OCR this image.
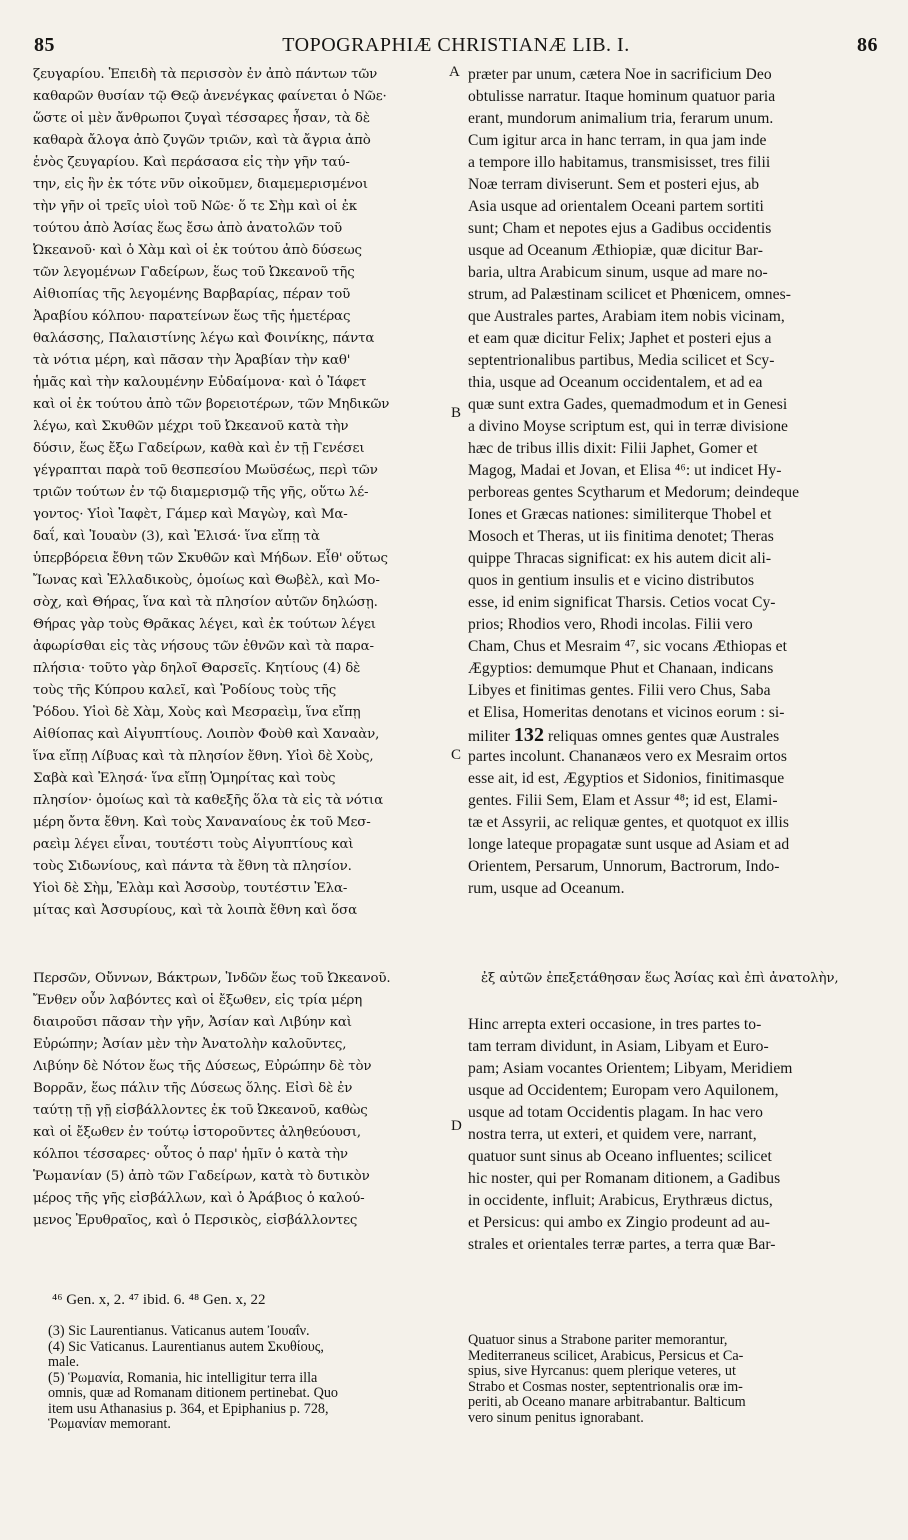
85	TOPOGRAPHIÆ CHRISTIANÆ LIB. I.	86
ζευγαρίου. Ἐπειδὴ τὰ περισσὸν ἐν ἀπὸ πάντων τῶν
καθαρῶν θυσίαν τῷ Θεῷ ἀνενέγκας φαίνεται ὁ Νῶε·
ὥστε οἱ μὲν ἄνθρωποι ζυγαὶ τέσσαρες ἦσαν, τὰ δὲ
καθαρὰ ἄλογα ἀπὸ ζυγῶν τριῶν, καὶ τὰ ἄγρια ἀπὸ
ἑνὸς ζευγαρίου. Καὶ περάσασα εἰς τὴν γῆν ταύ-
την, εἰς ἣν ἐκ τότε νῦν οἰκοῦμεν, διαμεμερισμένοι
τὴν γῆν οἱ τρεῖς υἱοὶ τοῦ Νῶε· ὅ τε Σὴμ καὶ οἱ ἐκ
τούτου ἀπὸ Ἀσίας ἕως ἔσω ἀπὸ ἀνατολῶν τοῦ
Ὠκεανοῦ· καὶ ὁ Χὰμ καὶ οἱ ἐκ τούτου ἀπὸ δύσεως
τῶν λεγομένων Γαδείρων, ἕως τοῦ Ὠκεανοῦ τῆς
Αἰθιοπίας τῆς λεγομένης Βαρβαρίας, πέραν τοῦ
Ἀραβίου κόλπου· παρατείνων ἕως τῆς ἡμετέρας
θαλάσσης, Παλαιστίνης λέγω καὶ Φοινίκης, πάντα
τὰ νότια μέρη, καὶ πᾶσαν τὴν Ἀραβίαν τὴν καθ'
ἡμᾶς καὶ τὴν καλουμένην Εὐδαίμονα· καὶ ὁ Ἰάφετ
καὶ οἱ ἐκ τούτου ἀπὸ τῶν βορειοτέρων, τῶν Μηδικῶν
λέγω, καὶ Σκυθῶν μέχρι τοῦ Ὠκεανοῦ κατὰ τὴν
δύσιν, ἕως ἔξω Γαδείρων, καθὰ καὶ ἐν τῇ Γενέσει
γέγραπται παρὰ τοῦ θεσπεσίου Μωϋσέως, περὶ τῶν
τριῶν τούτων ἐν τῷ διαμερισμῷ τῆς γῆς, οὕτω λέ-
γοντος· Υἱοὶ Ἰαφὲτ, Γάμερ καὶ Μαγὼγ, καὶ Μα-
δαΐ, καὶ Ἰουαὺν (3), καὶ Ἐλισά· ἵνα εἴπῃ τὰ
ὑπερβόρεια ἔθνη τῶν Σκυθῶν καὶ Μήδων. Εἶθ' οὕτως
Ἴωνας καὶ Ἑλλαδικοὺς, ὁμοίως καὶ Θωβὲλ, καὶ Μο-
σὸχ, καὶ Θήρας, ἵνα καὶ τὰ πλησίον αὐτῶν δηλώσῃ.
Θήρας γὰρ τοὺς Θρᾶκας λέγει, καὶ ἐκ τούτων λέγει
ἀφωρίσθαι εἰς τὰς νήσους τῶν ἐθνῶν καὶ τὰ παρα-
πλήσια· τοῦτο γὰρ δηλοῖ Θαρσεῖς. Κητίους (4) δὲ
τοὺς τῆς Κύπρου καλεῖ, καὶ Ῥοδίους τοὺς τῆς
Ῥόδου. Υἱοὶ δὲ Χὰμ, Χοὺς καὶ Μεσραεὶμ, ἵνα εἴπῃ
Αἰθίοπας καὶ Αἰγυπτίους. Λοιπὸν Φοὺθ καὶ Χαναὰν,
ἵνα εἴπῃ Λίβυας καὶ τὰ πλησίον ἔθνη. Υἱοὶ δὲ Χοὺς,
Σαβὰ καὶ Ἐλησά· ἵνα εἴπῃ Ὁμηρίτας καὶ τοὺς
πλησίον· ὁμοίως καὶ τὰ καθεξῆς ὅλα τὰ εἰς τὰ νότια
μέρη ὄντα ἔθνη. Καὶ τοὺς Χαναναίους ἐκ τοῦ Μεσ-
ραεὶμ λέγει εἶναι, τουτέστι τοὺς Αἰγυπτίους καὶ
τοὺς Σιδωνίους, καὶ πάντα τὰ ἔθνη τὰ πλησίον.
Υἱοὶ δὲ Σὴμ, Ἐλὰμ καὶ Ἀσσοὺρ, τουτέστιν Ἐλα-
μίτας καὶ Ἀσσυρίους, καὶ τὰ λοιπὰ ἔθνη καὶ ὅσα
præter par unum, cætera Noe in sacrificium Deo
obtulisse narratur. Itaque hominum quatuor paria
erant, mundorum animalium tria, ferarum unum.
Cum igitur arca in hanc terram, in qua jam inde
a tempore illo habitamus, transmisisset, tres filii
Noæ terram diviserunt. Sem et posteri ejus, ab
Asia usque ad orientalem Oceani partem sortiti
sunt; Cham et nepotes ejus a Gadibus occidentis
usque ad Oceanum Æthiopiæ, quæ dicitur Bar-
baria, ultra Arabicum sinum, usque ad mare no-
strum, ad Palæstinam scilicet et Phœnicem, omnes-
que Australes partes, Arabiam item nobis vicinam,
et eam quæ dicitur Felix; Japhet et posteri ejus a
septentrionalibus partibus, Media scilicet et Scy-
thia, usque ad Oceanum occidentalem, et ad ea
quæ sunt extra Gades, quemadmodum et in Genesi
a divino Moyse scriptum est, qui in terræ divisione
hæc de tribus illis dixit: Filii Japhet, Gomer et
Magog, Madai et Jovan, et Elisa ⁴⁶: ut indicet Hy-
perboreas gentes Scytharum et Medorum; deindeque
Iones et Græcas nationes: similiterque Thobel et
Mosoch et Theras, ut iis finitima denotet; Theras
quippe Thracas significat: ex his autem dicit ali-
quos in gentium insulis et e vicino distributos
esse, id enim significat Tharsis. Cetios vocat Cy-
prios; Rhodios vero, Rhodi incolas. Filii vero
Cham, Chus et Mesraim ⁴⁷, sic vocans Æthiopas et
Ægyptios: demumque Phut et Chanaan, indicans
Libyes et finitimas gentes. Filii vero Chus, Saba
et Elisa, Homeritas denotans et vicinos eorum : si-
militer 132 reliquas omnes gentes quæ Australes
partes incolunt. Chananæos vero ex Mesraim ortos
esse ait, id est, Ægyptios et Sidonios, finitimasque
gentes. Filii Sem, Elam et Assur ⁴⁸; id est, Elami-
tæ et Assyrii, ac reliquæ gentes, et quotquot ex illis
longe lateque propagatæ sunt usque ad Asiam et ad
Orientem, Persarum, Unnorum, Bactrorum, Indo-
rum, usque ad Oceanum.
A
B
C
D
Περσῶν, Οὔννων, Βάκτρων, Ἰνδῶν ἕως τοῦ Ὠκεανοῦ.	ἐξ αὐτῶν ἐπεξετάθησαν ἕως Ἀσίας καὶ ἐπὶ ἀνατολὴν,
Ἔνθεν οὖν λαβόντες καὶ οἱ ἔξωθεν, εἰς τρία μέρη
διαιροῦσι πᾶσαν τὴν γῆν, Ἀσίαν καὶ Λιβύην καὶ
Εὐρώπην; Ἀσίαν μὲν τὴν Ἀνατολὴν καλοῦντες,
Λιβύην δὲ Νότον ἕως τῆς Δύσεως, Εὐρώπην δὲ τὸν
Βορρᾶν, ἕως πάλιν τῆς Δύσεως ὅλης. Εἰσὶ δὲ ἐν
ταύτῃ τῇ γῇ εἰσβάλλοντες ἐκ τοῦ Ὠκεανοῦ, καθὼς
καὶ οἱ ἔξωθεν ἐν τούτῳ ἱστοροῦντες ἀληθεύουσι,
κόλποι τέσσαρες· οὗτος ὁ παρ' ἡμῖν ὁ κατὰ τὴν
Ῥωμανίαν (5) ἀπὸ τῶν Γαδείρων, κατὰ τὸ δυτικὸν
μέρος τῆς γῆς εἰσβάλλων, καὶ ὁ Ἀράβιος ὁ καλού-
μενος Ἐρυθραῖος, καὶ ὁ Περσικὸς, εἰσβάλλοντες
Hinc arrepta exteri occasione, in tres partes to-
tam terram dividunt, in Asiam, Libyam et Euro-
pam; Asiam vocantes Orientem; Libyam, Meridiem
usque ad Occidentem; Europam vero Aquilonem,
usque ad totam Occidentis plagam. In hac vero
nostra terra, ut exteri, et quidem vere, narrant,
quatuor sunt sinus ab Oceano influentes; scilicet
hic noster, qui per Romanam ditionem, a Gadibus
in occidente, influit; Arabicus, Erythræus dictus,
et Persicus: qui ambo ex Zingio prodeunt ad au-
strales et orientales terræ partes, a terra quæ Bar-
⁴⁶ Gen. x, 2. ⁴⁷ ibid. 6. ⁴⁸ Gen. x, 22
(3) Sic Laurentianus. Vaticanus autem Ἰουαΐν.
(4) Sic Vaticanus. Laurentianus autem Σκυθίους,
male.
(5) Ῥωμανία, Romania, hic intelligitur terra illa
omnis, quæ ad Romanam ditionem pertinebat. Quo
item usu Athanasius p. 364, et Epiphanius p. 728,
Ῥωμανίαν memorant.
Quatuor sinus a Strabone pariter memorantur,
Mediterraneus scilicet, Arabicus, Persicus et Ca-
spius, sive Hyrcanus: quem plerique veteres, ut
Strabo et Cosmas noster, septentrionalis oræ im-
periti, ab Oceano manare arbitrabantur. Balticum
vero sinum penitus ignorabant.
